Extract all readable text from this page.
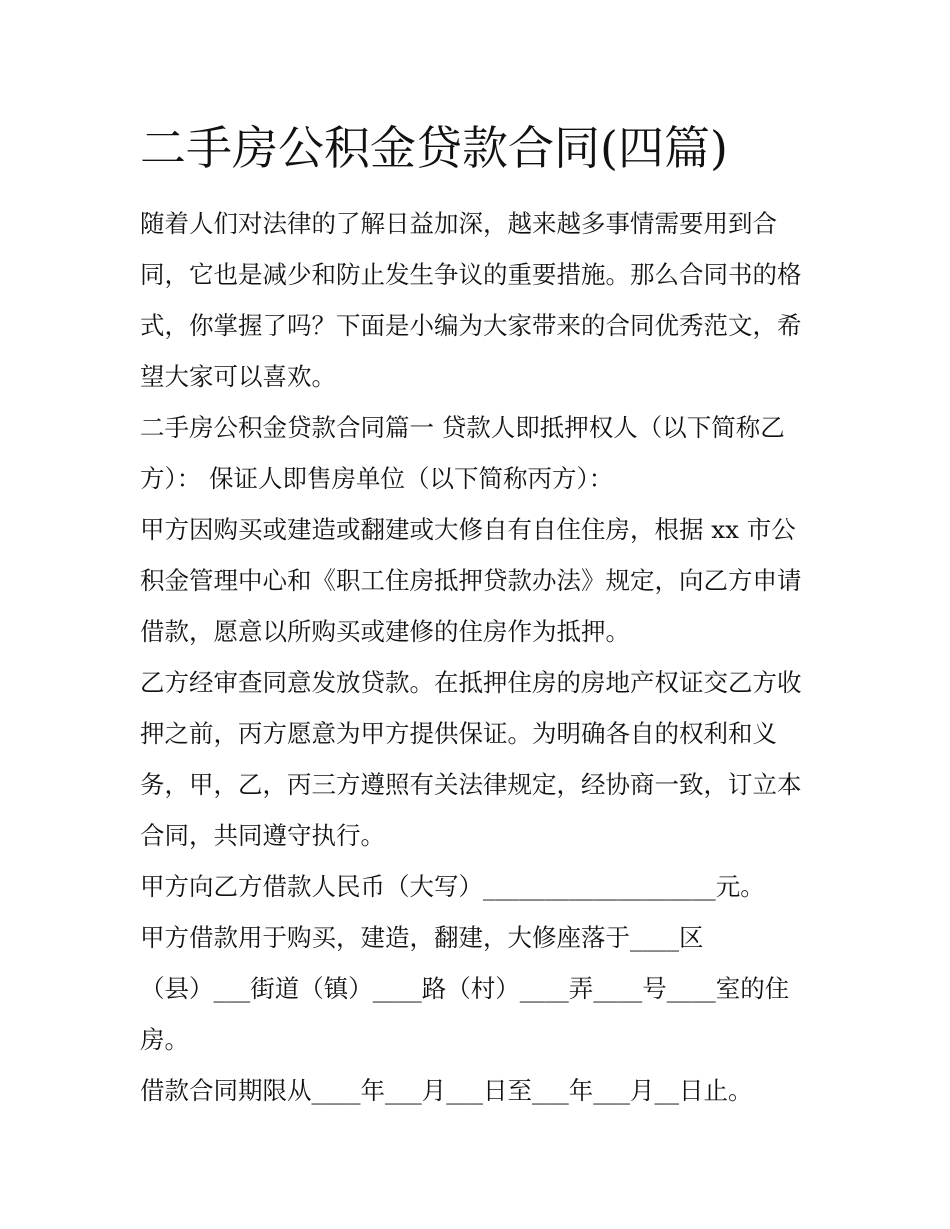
二手房公积金贷款合同(四篇)
随着人们对法律的了解日益加深，越来越多事情需要用到合
同，它也是减少和防止发生争议的重要措施。那么合同书的格
式，你掌握了吗？下面是小编为大家带来的合同优秀范文，希
望大家可以喜欢。
二手房公积金贷款合同篇一 贷款人即抵押权人（以下简称乙
方）： 保证人即售房单位（以下简称丙方）：
甲方因购买或建造或翻建或大修自有自住住房，根据 xx 市公
积金管理中心和《职工住房抵押贷款办法》规定，向乙方申请
借款，愿意以所购买或建修的住房作为抵押。
乙方经审查同意发放贷款。在抵押住房的房地产权证交乙方收
押之前，丙方愿意为甲方提供保证。为明确各自的权利和义
务，甲，乙，丙三方遵照有关法律规定，经协商一致，订立本
合同，共同遵守执行。
甲方向乙方借款人民币（大写）___________________元。
甲方借款用于购买，建造，翻建，大修座落于____区
（县）___街道（镇）____路（村）____弄____号____室的住
房。
借款合同期限从____年___月___日至___年___月__日止。
